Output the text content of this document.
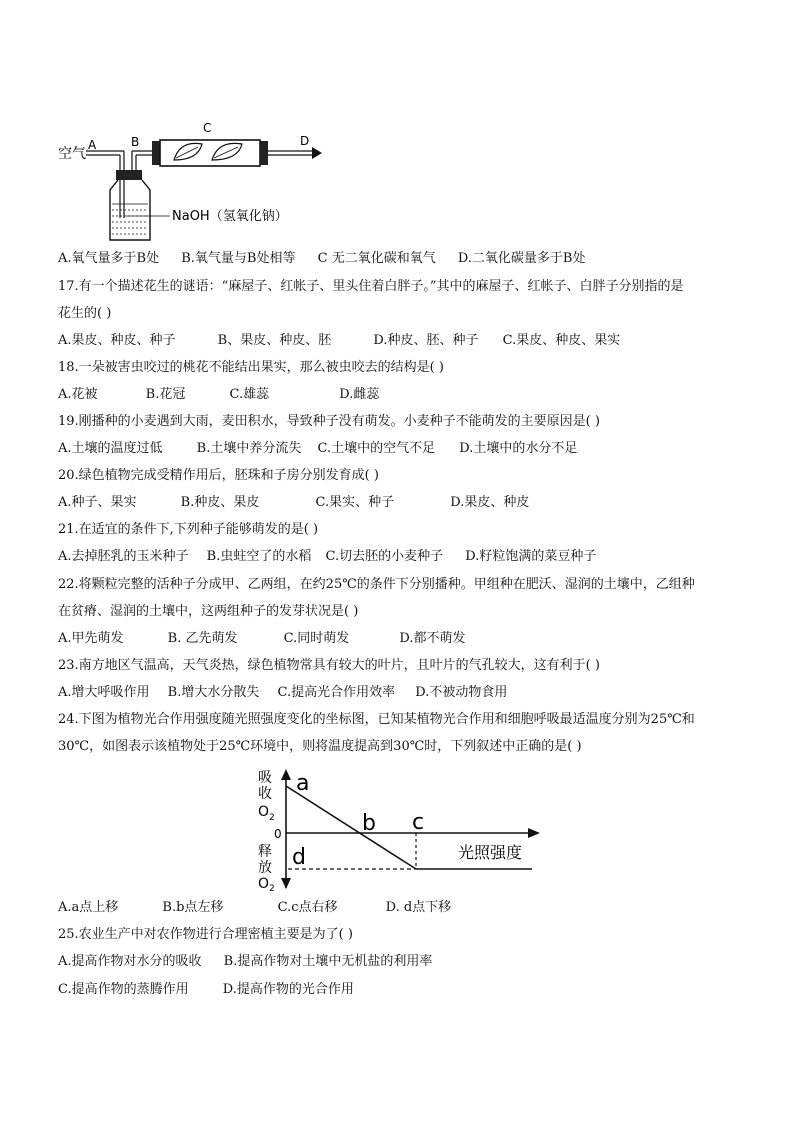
空气
A	B
C
D
NaOH（氢氧化钠）
A.氧气量多于B处 B.氧气量与B处相等 C 无二氧化碳和氧气 D.二氧化碳量多于B处
17.有一个描述花生的谜语：“麻屋子、红帐子、里头住着白胖子。”其中的麻屋子、红帐子、白胖子分别指的是
花生的( )
A.果皮、种皮、种子	B、果皮、种皮、胚	D.种皮、胚、种子 C.果皮、种皮、果实
18.一朵被害虫咬过的桃花不能结出果实，那么被虫咬去的结构是( )
A.花被	B.花冠	C.雄蕊	D.雌蕊
19.刚播种的小麦遇到大雨，麦田积水，导致种子没有萌发。小麦种子不能萌发的主要原因是( )
A.土壤的温度过低	B.土壤中养分流失 C.土壤中的空气不足 D.土壤中的水分不足
20.绿色植物完成受精作用后，胚珠和子房分别发育成( )
A.种子、果实	B.种皮、果皮	C.果实、种子	D.果皮、种皮
21.在适宜的条件下,下列种子能够萌发的是( )
A.去掉胚乳的玉米种子 B.虫蛀空了的水稻 C.切去胚的小麦种子 D.籽粒饱满的菜豆种子
22.将颗粒完整的活种子分成甲、乙两组，在约25℃的条件下分别播种。甲组种在肥沃、湿润的土壤中，乙组种
在贫瘠、湿润的土壤中，这两组种子的发芽状况是( )
A.甲先萌发	B. 乙先萌发	C.同时萌发	D.都不萌发
23.南方地区气温高，天气炎热，绿色植物常具有较大的叶片，且叶片的气孔较大，这有利于( )
A.增大呼吸作用 B.增大水分散失 C.提高光合作用效率 D.不被动物食用
24.下图为植物光合作用强度随光照强度变化的坐标图，已知某植物光合作用和细胞呼吸最适温度分别为25℃和
30℃，如图表示该植物处于25℃环境中，则将温度提高到30℃时，下列叙述中正确的是( )
吸
收
O 2
释
放
O 2
0
a
b c
d	光照强度
A.a点上移	B.b点左移	C.c点右移	D. d点下移
25.农业生产中对农作物进行合理密植主要是为了( )
A.提高作物对水分的吸收 B.提高作物对土壤中无机盐的利用率
C.提高作物的蒸腾作用	D.提高作物的光合作用
